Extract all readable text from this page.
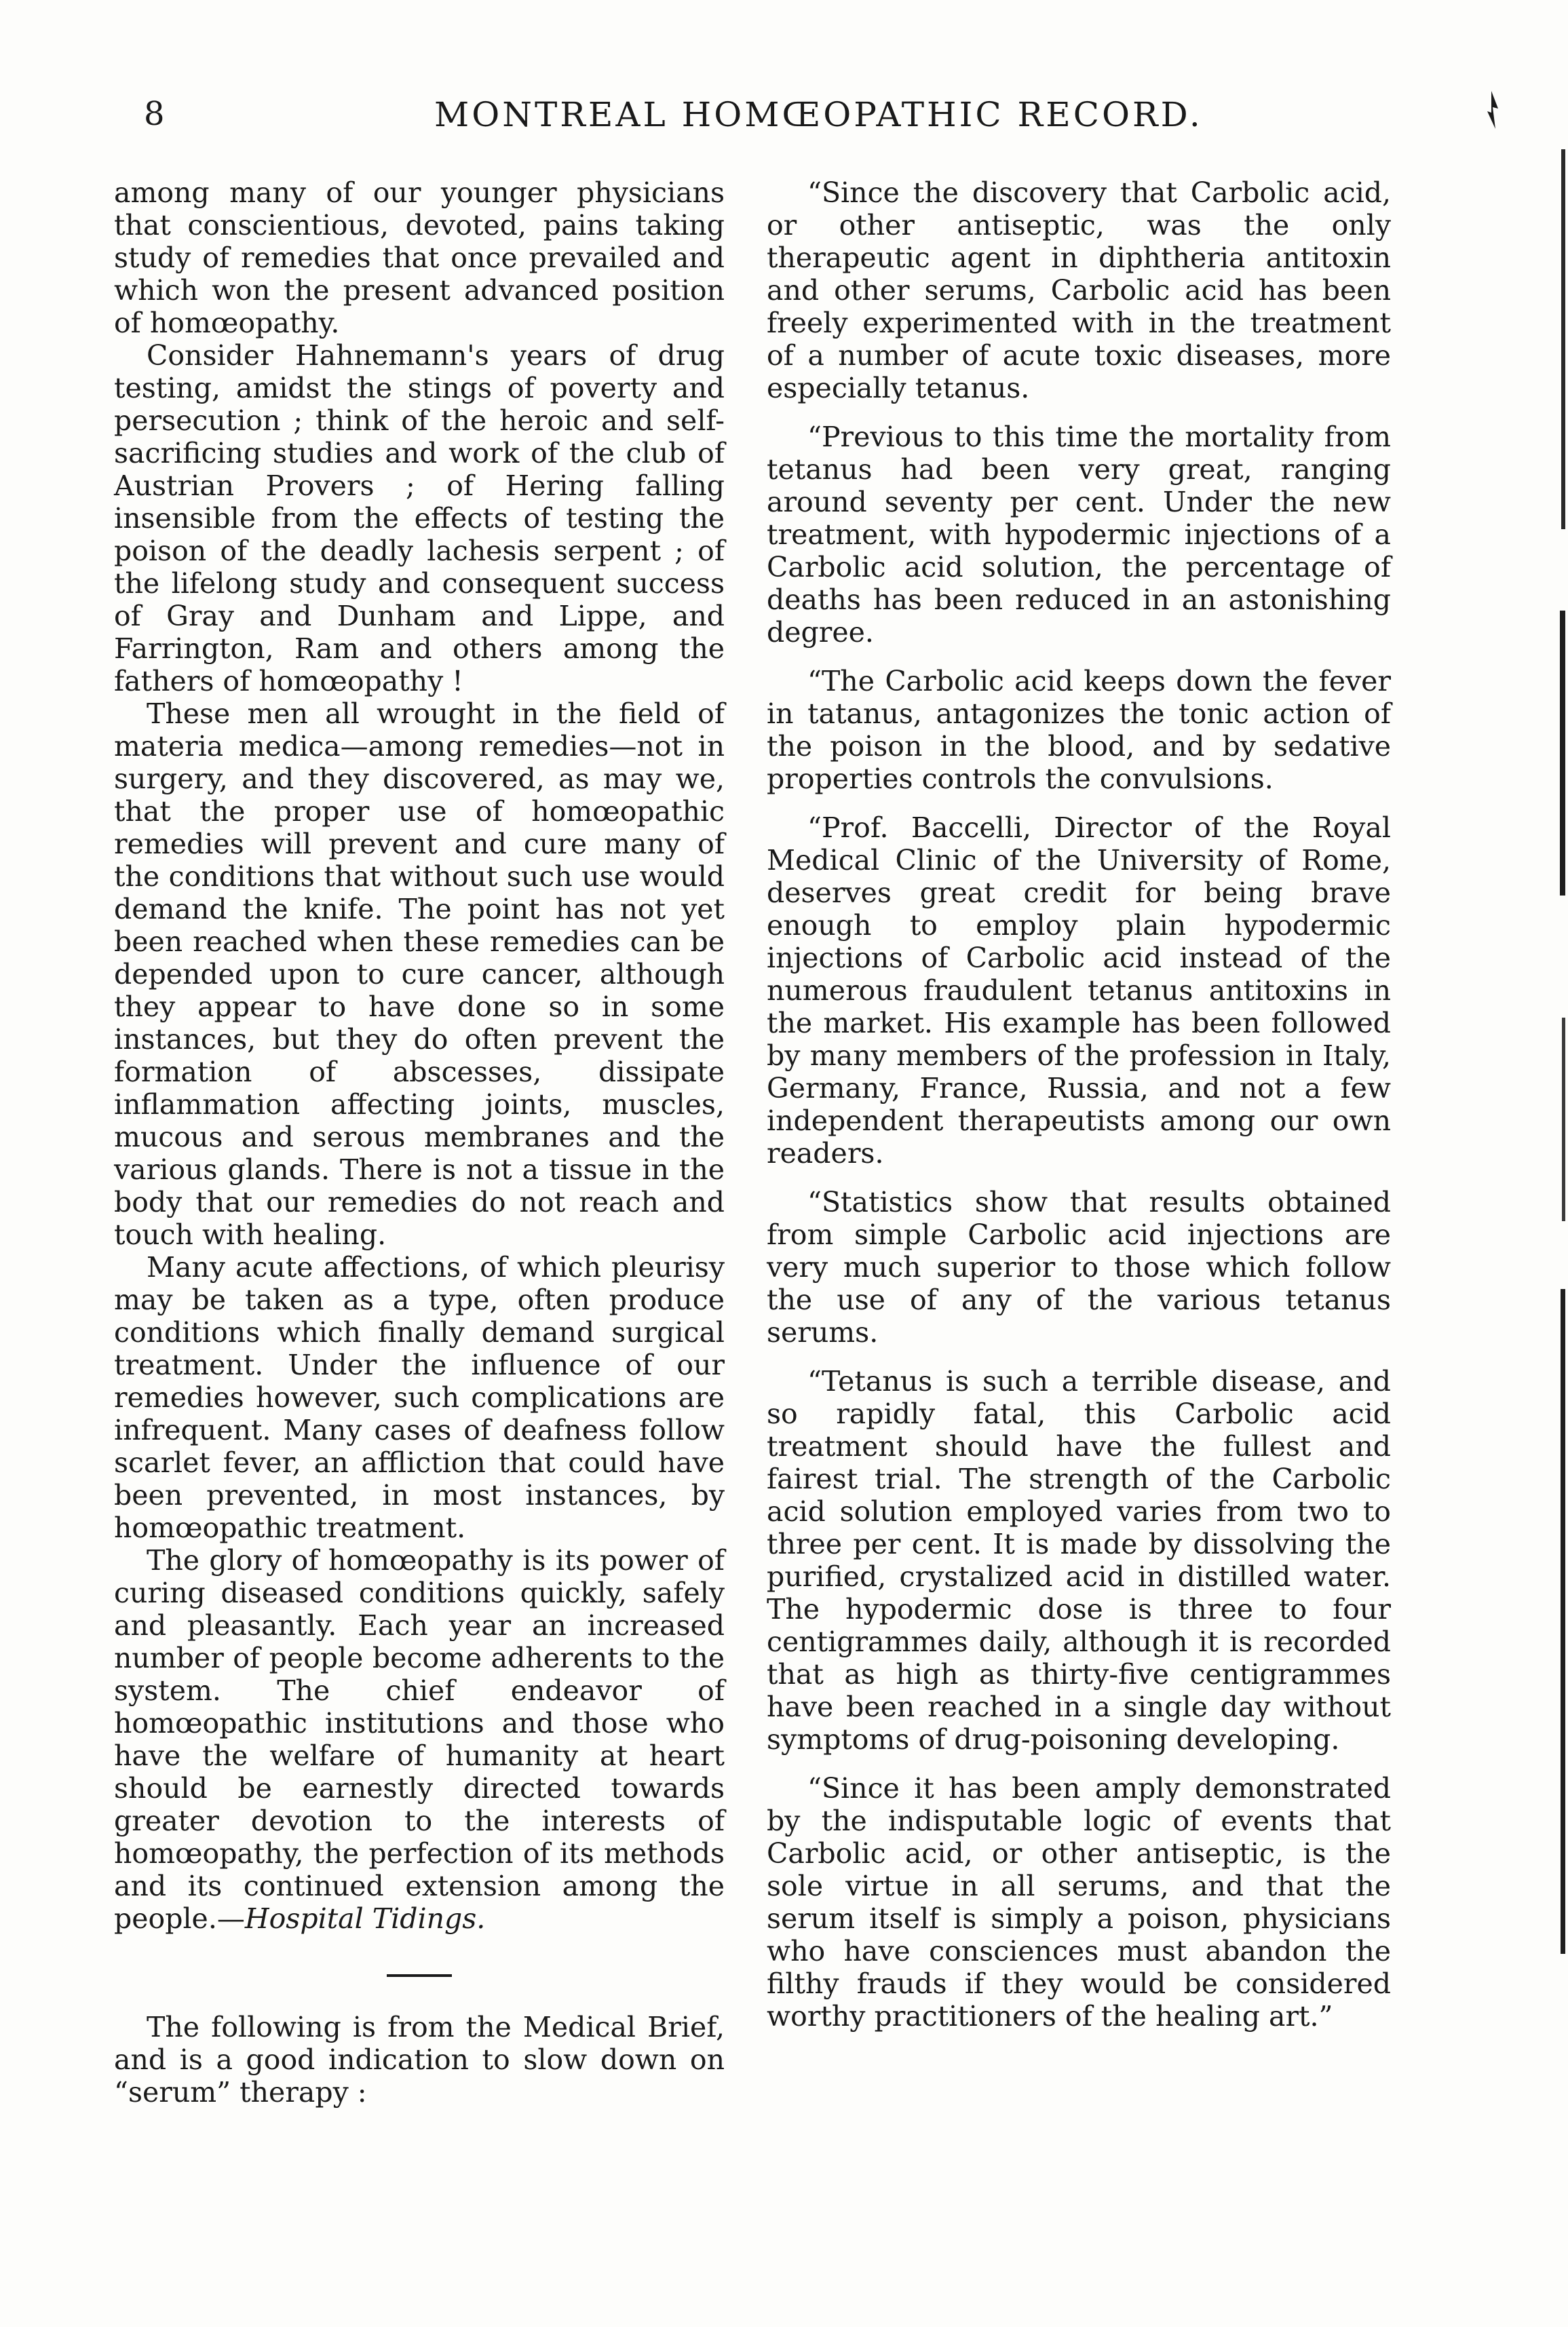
8	MONTREAL HOMŒOPATHIC RECORD.

among many of our younger physicians that conscientious, devoted, pains taking study of remedies that once prevailed and which won the present advanced position of homœopathy.

Consider Hahnemann's years of drug testing, amidst the stings of poverty and persecution ; think of the heroic and self-sacrificing studies and work of the club of Austrian Provers ; of Hering falling insensible from the effects of testing the poison of the deadly lachesis serpent ; of the lifelong study and consequent success of Gray and Dunham and Lippe, and Farrington, Ram and others among the fathers of homœopathy !

These men all wrought in the field of materia medica—among remedies—not in surgery, and they discovered, as may we, that the proper use of homœopathic remedies will prevent and cure many of the conditions that without such use would demand the knife. The point has not yet been reached when these remedies can be depended upon to cure cancer, although they appear to have done so in some instances, but they do often prevent the formation of abscesses, dissipate inflammation affecting joints, muscles, mucous and serous membranes and the various glands. There is not a tissue in the body that our remedies do not reach and touch with healing.

Many acute affections, of which pleurisy may be taken as a type, often produce conditions which finally demand surgical treatment. Under the influence of our remedies however, such complications are infrequent. Many cases of deafness follow scarlet fever, an affliction that could have been prevented, in most instances, by homœopathic treatment.

The glory of homœopathy is its power of curing diseased conditions quickly, safely and pleasantly. Each year an increased number of people become adherents to the system. The chief endeavor of homœopathic institutions and those who have the welfare of humanity at heart should be earnestly directed towards greater devotion to the interests of homœopathy, the perfection of its methods and its continued extension among the people.—Hospital Tidings.

The following is from the Medical Brief, and is a good indication to slow down on “serum” therapy :

“Since the discovery that Carbolic acid, or other antiseptic, was the only therapeutic agent in diphtheria antitoxin and other serums, Carbolic acid has been freely experimented with in the treatment of a number of acute toxic diseases, more especially tetanus.

“Previous to this time the mortality from tetanus had been very great, ranging around seventy per cent. Under the new treatment, with hypodermic injections of a Carbolic acid solution, the percentage of deaths has been reduced in an astonishing degree.

“The Carbolic acid keeps down the fever in tatanus, antagonizes the tonic action of the poison in the blood, and by sedative properties controls the convulsions.

“Prof. Baccelli, Director of the Royal Medical Clinic of the University of Rome, deserves great credit for being brave enough to employ plain hypodermic injections of Carbolic acid instead of the numerous fraudulent tetanus antitoxins in the market. His example has been followed by many members of the profession in Italy, Germany, France, Russia, and not a few independent therapeutists among our own readers.

“Statistics show that results obtained from simple Carbolic acid injections are very much superior to those which follow the use of any of the various tetanus serums.

“Tetanus is such a terrible disease, and so rapidly fatal, this Carbolic acid treatment should have the fullest and fairest trial. The strength of the Carbolic acid solution employed varies from two to three per cent. It is made by dissolving the purified, crystalized acid in distilled water. The hypodermic dose is three to four centigrammes daily, although it is recorded that as high as thirty-five centigrammes have been reached in a single day without symptoms of drug-poisoning developing.

“Since it has been amply demonstrated by the indisputable logic of events that Carbolic acid, or other antiseptic, is the sole virtue in all serums, and that the serum itself is simply a poison, physicians who have consciences must abandon the filthy frauds if they would be considered worthy practitioners of the healing art.”
